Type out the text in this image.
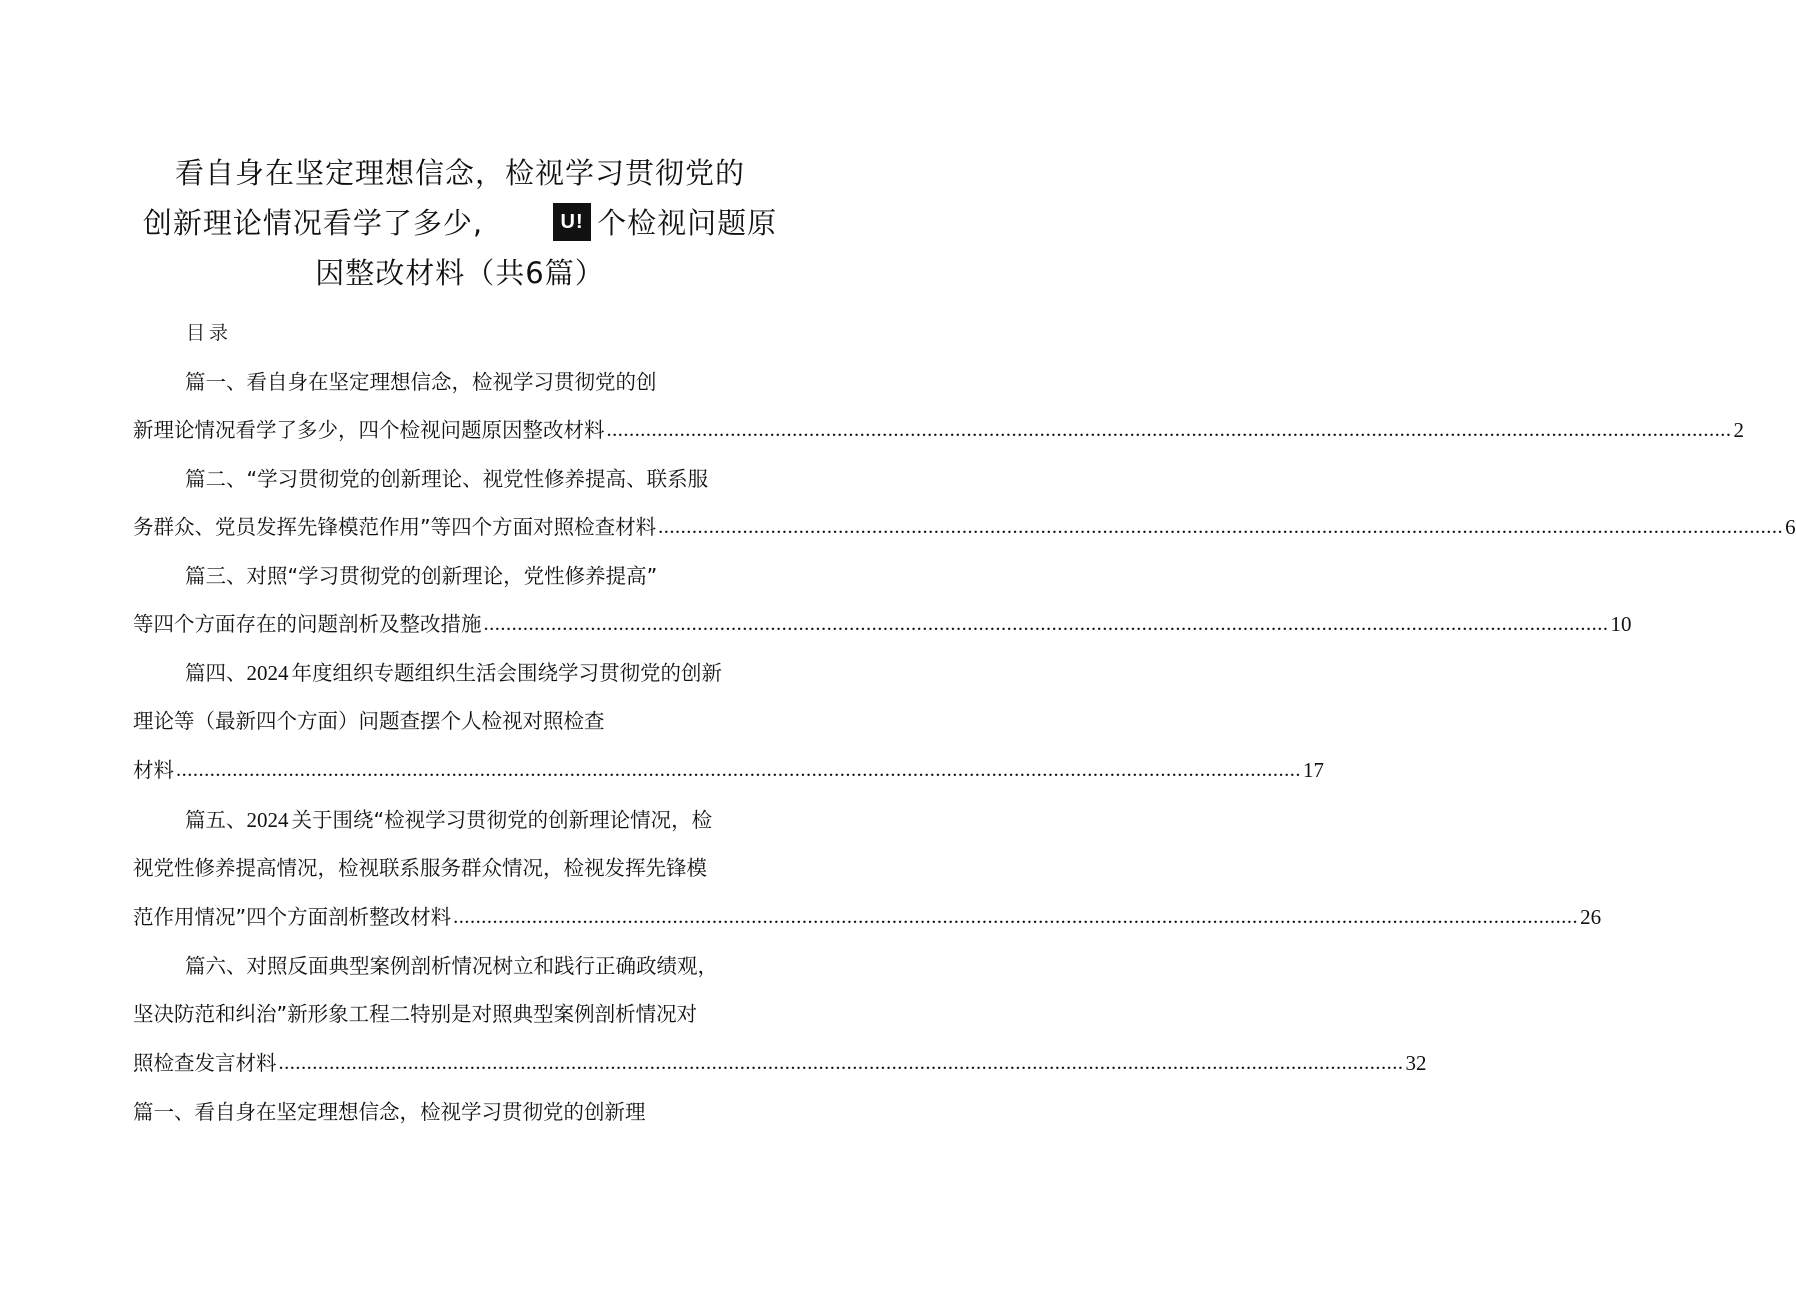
看自身在坚定理想信念，检视学习贯彻党的
创新理论情况看学了多少,	U! 个检视问题原
因整改材料（共6篇）
目录
篇一、看自身在坚定理想信念，检视学习贯彻党的创
新理论情况看学了多少，四个检视问题原因整改材料 ........................................................................................................................................................................................................ 2
篇二、“学习贯彻党的创新理论、视党性修养提高、联系服
务群众、党员发挥先锋模范作用”等四个方面对照检查材料 ........................................................................................................................................................................................................ 6
篇三、对照“学习贯彻党的创新理论，党性修养提高”
等四个方面存在的问题剖析及整改措施 ........................................................................................................................................................................................................ 10
篇四、 2024 年度组织专题组织生活会围绕学习贯彻党的创新
理论等（最新四个方面）问题查摆个人检视对照检查
材料 ........................................................................................................................................................................................................ 17
篇五、 2024 关于围绕“检视学习贯彻党的创新理论情况，检
视党性修养提高情况，检视联系服务群众情况，检视发挥先锋模
范作用情况”四个方面剖析整改材料 ........................................................................................................................................................................................................ 26
篇六、对照反面典型案例剖析情况树立和践行正确政绩观，
坚决防范和纠治”新形象工程二特别是对照典型案例剖析情况对
照检查发言材料 ........................................................................................................................................................................................................ 32
篇一、看自身在坚定理想信念，检视学习贯彻党的创新理
